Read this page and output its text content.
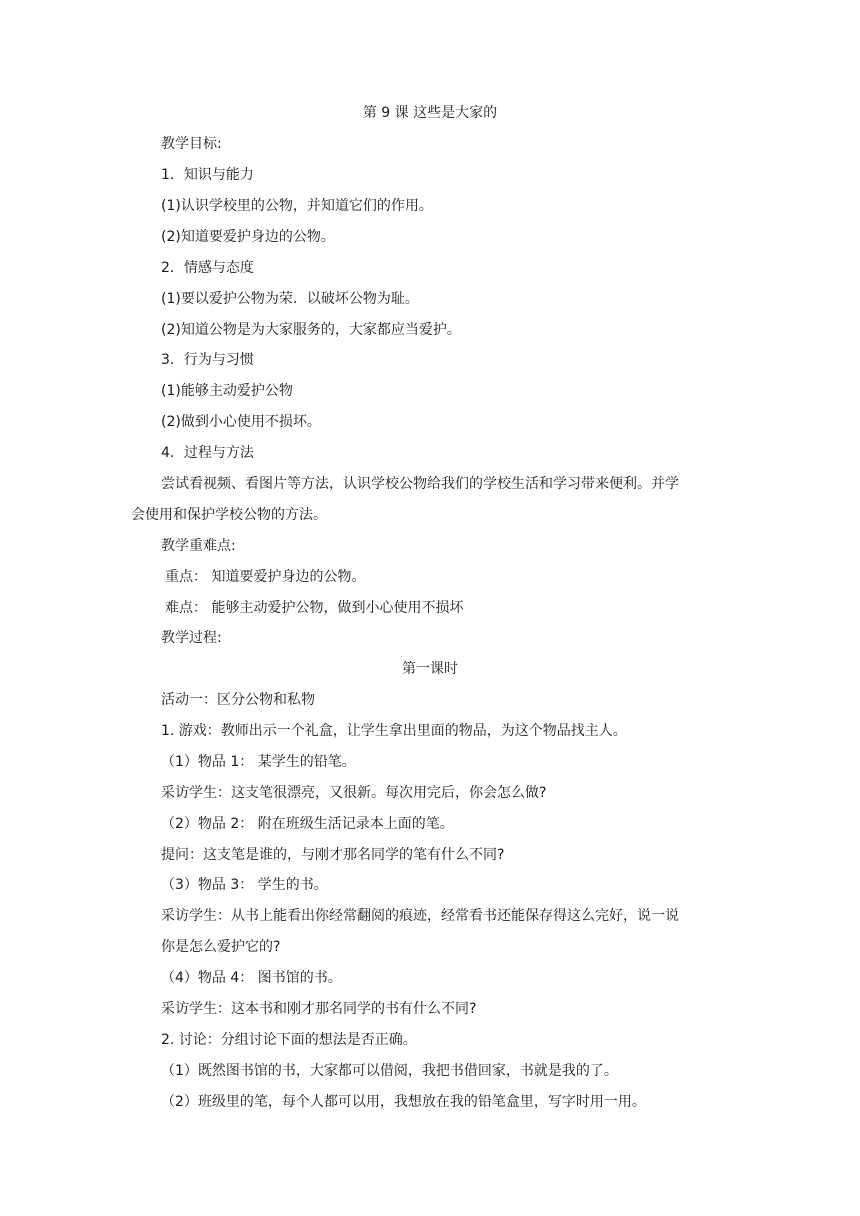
第 9 课 这些是大家的
教学目标:
1．知识与能力
(1)认识学校里的公物，并知道它们的作用。
(2)知道要爱护身边的公物。
2．情感与态度
(1)要以爱护公物为荣．以破坏公物为耻。
(2)知道公物是为大家服务的，大家都应当爱护。
3．行为与习惯
(1)能够主动爱护公物
(2)做到小心使用不损坏。
4．过程与方法
尝试看视频、看图片等方法，认识学校公物给我们的学校生活和学习带来便利。并学
会使用和保护学校公物的方法。
教学重难点:
重点： 知道要爱护身边的公物。
难点： 能够主动爱护公物，做到小心使用不损坏
教学过程:
第一课时
活动一：区分公物和私物
1. 游戏：教师出示一个礼盒，让学生拿出里面的物品，为这个物品找主人。
（1）物品 1： 某学生的铅笔。
采访学生：这支笔很漂亮，又很新。每次用完后，你会怎么做?
（2）物品 2： 附在班级生活记录本上面的笔。
提问：这支笔是谁的，与刚才那名同学的笔有什么不同?
（3）物品 3： 学生的书。
采访学生：从书上能看出你经常翻阅的痕迹，经常看书还能保存得这么完好，说一说
你是怎么爱护它的?
（4）物品 4： 图书馆的书。
采访学生：这本书和刚才那名同学的书有什么不同?
2. 讨论：分组讨论下面的想法是否正确。
（1）既然图书馆的书，大家都可以借阅，我把书借回家，书就是我的了。
（2）班级里的笔，每个人都可以用，我想放在我的铅笔盒里，写字时用一用。
